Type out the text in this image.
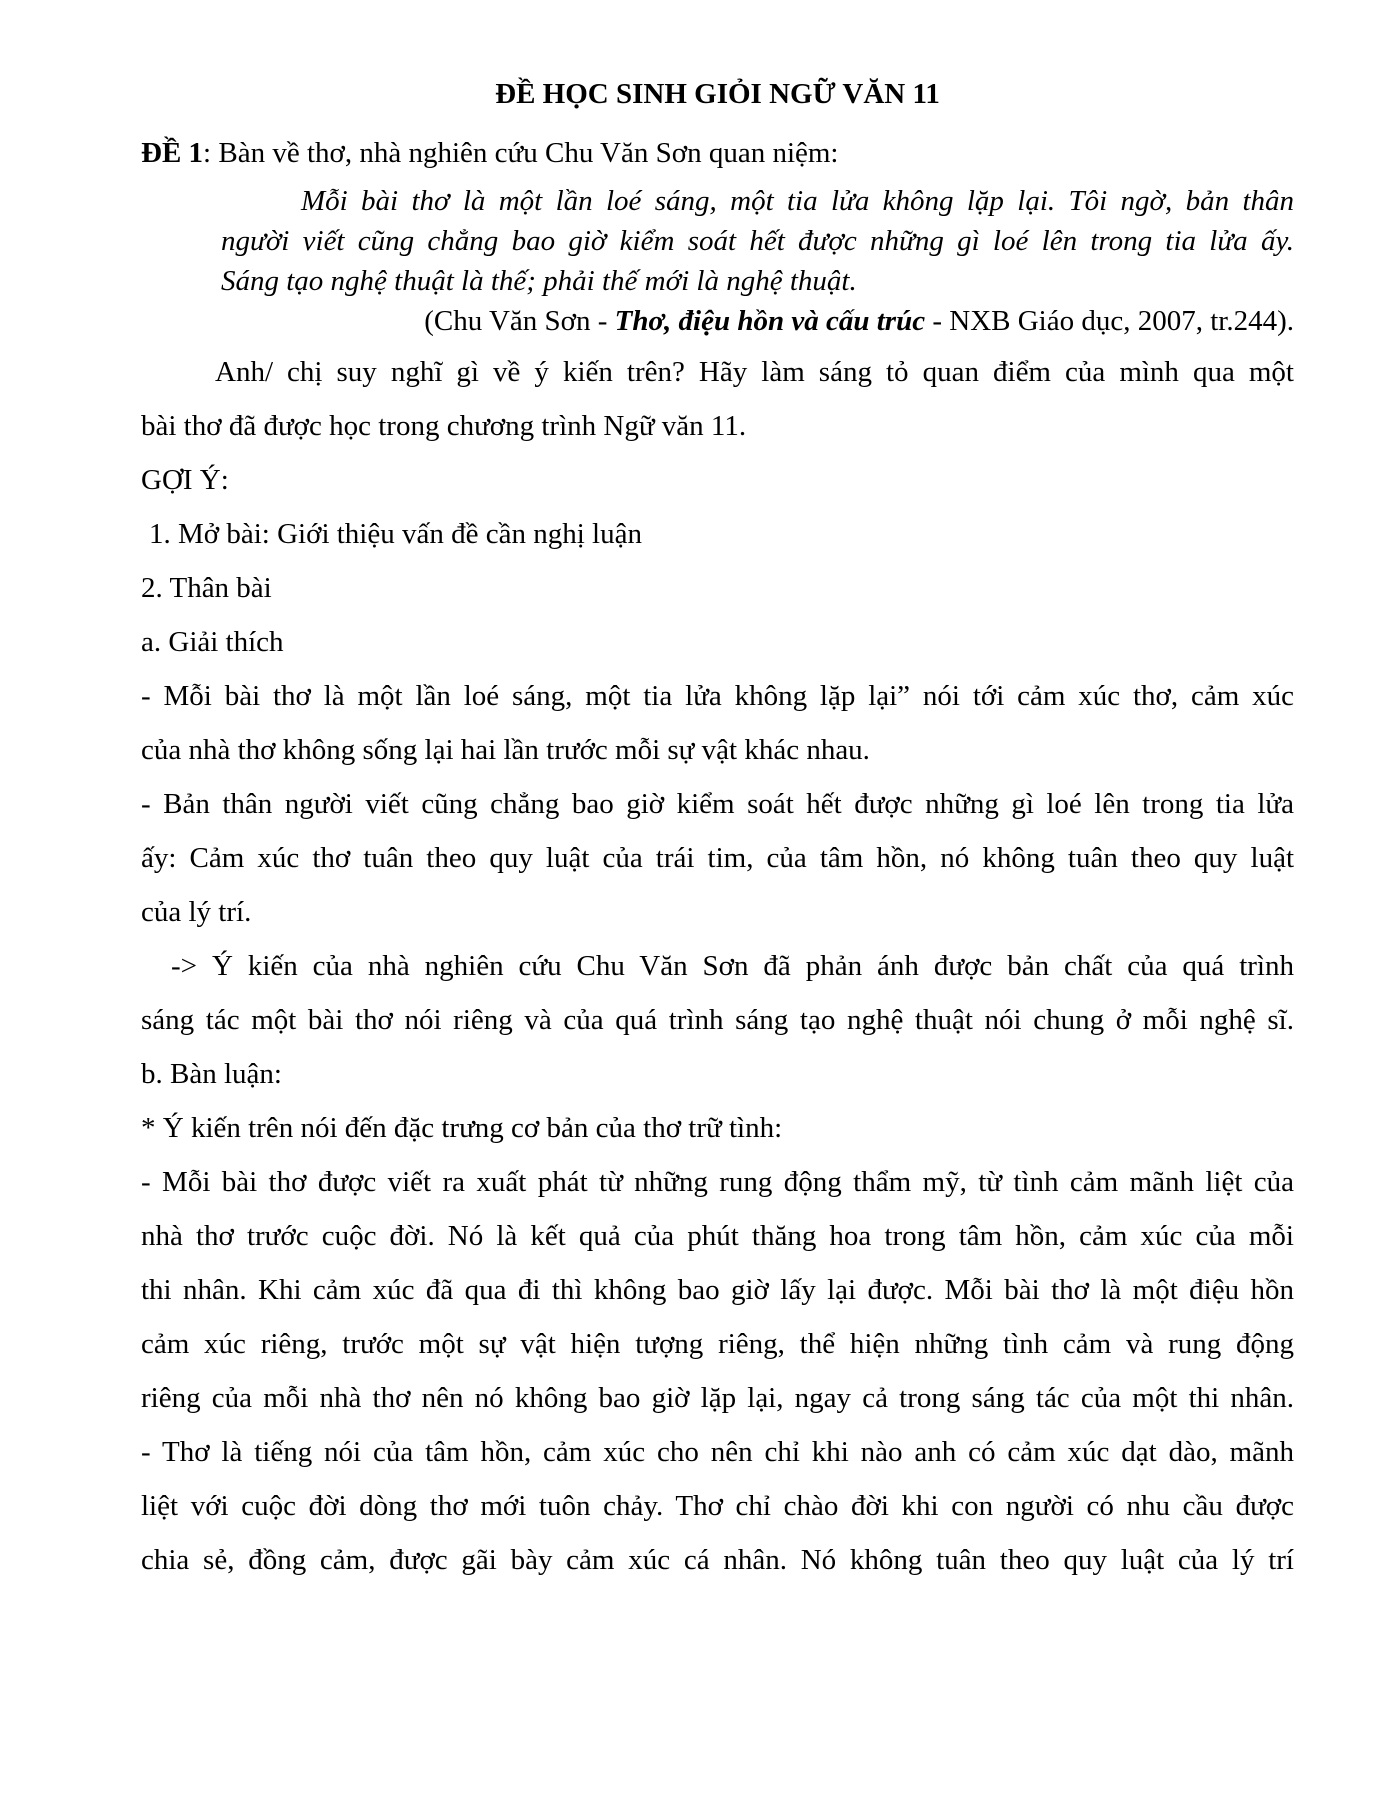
ĐỀ HỌC SINH GIỎI NGỮ VĂN 11
ĐỀ 1: Bàn về thơ, nhà nghiên cứu Chu Văn Sơn quan niệm:

Mỗi bài thơ là một lần loé sáng, một tia lửa không lặp lại. Tôi ngờ, bản thân

người viết cũng chẳng bao giờ kiểm soát hết được những gì loé lên trong tia lửa ấy.

Sáng tạo nghệ thuật là thế; phải thế mới là nghệ thuật.

(Chu Văn Sơn - Thơ, điệu hồn và cấu trúc - NXB Giáo dục, 2007, tr.244).
Anh/ chị suy nghĩ gì về ý kiến trên? Hãy làm sáng tỏ quan điểm của mình qua một
bài thơ đã được học trong chương trình Ngữ văn 11.
GỢI Ý:
1. Mở bài: Giới thiệu vấn đề cần nghị luận
2. Thân bài
a. Giải thích
- Mỗi bài thơ là một lần loé sáng, một tia lửa không lặp lại” nói tới cảm xúc thơ, cảm xúc
của nhà thơ không sống lại hai lần trước mỗi sự vật khác nhau.
- Bản thân người viết cũng chẳng bao giờ kiểm soát hết được những gì loé lên trong tia lửa
ấy: Cảm xúc thơ tuân theo quy luật của trái tim, của tâm hồn, nó không tuân theo quy luật
của lý trí.
-> Ý kiến của nhà nghiên cứu Chu Văn Sơn đã phản ánh được bản chất của quá trình
sáng tác một bài thơ nói riêng và của quá trình sáng tạo nghệ thuật nói chung ở mỗi nghệ sĩ.
b. Bàn luận:
* Ý kiến trên nói đến đặc trưng cơ bản của thơ trữ tình:
- Mỗi bài thơ được viết ra xuất phát từ những rung động thẩm mỹ, từ tình cảm mãnh liệt của
nhà thơ trước cuộc đời. Nó là kết quả của phút thăng hoa trong tâm hồn, cảm xúc của mỗi
thi nhân. Khi cảm xúc đã qua đi thì không bao giờ lấy lại được. Mỗi bài thơ là một điệu hồn
cảm xúc riêng, trước một sự vật hiện tượng riêng, thể hiện những tình cảm và rung động
riêng của mỗi nhà thơ nên nó không bao giờ lặp lại, ngay cả trong sáng tác của một thi nhân.
- Thơ là tiếng nói của tâm hồn, cảm xúc cho nên chỉ khi nào anh có cảm xúc dạt dào, mãnh
liệt với cuộc đời dòng thơ mới tuôn chảy. Thơ chỉ chào đời khi con người có nhu cầu được
chia sẻ, đồng cảm, được gãi bày cảm xúc cá nhân. Nó không tuân theo quy luật của lý trí
